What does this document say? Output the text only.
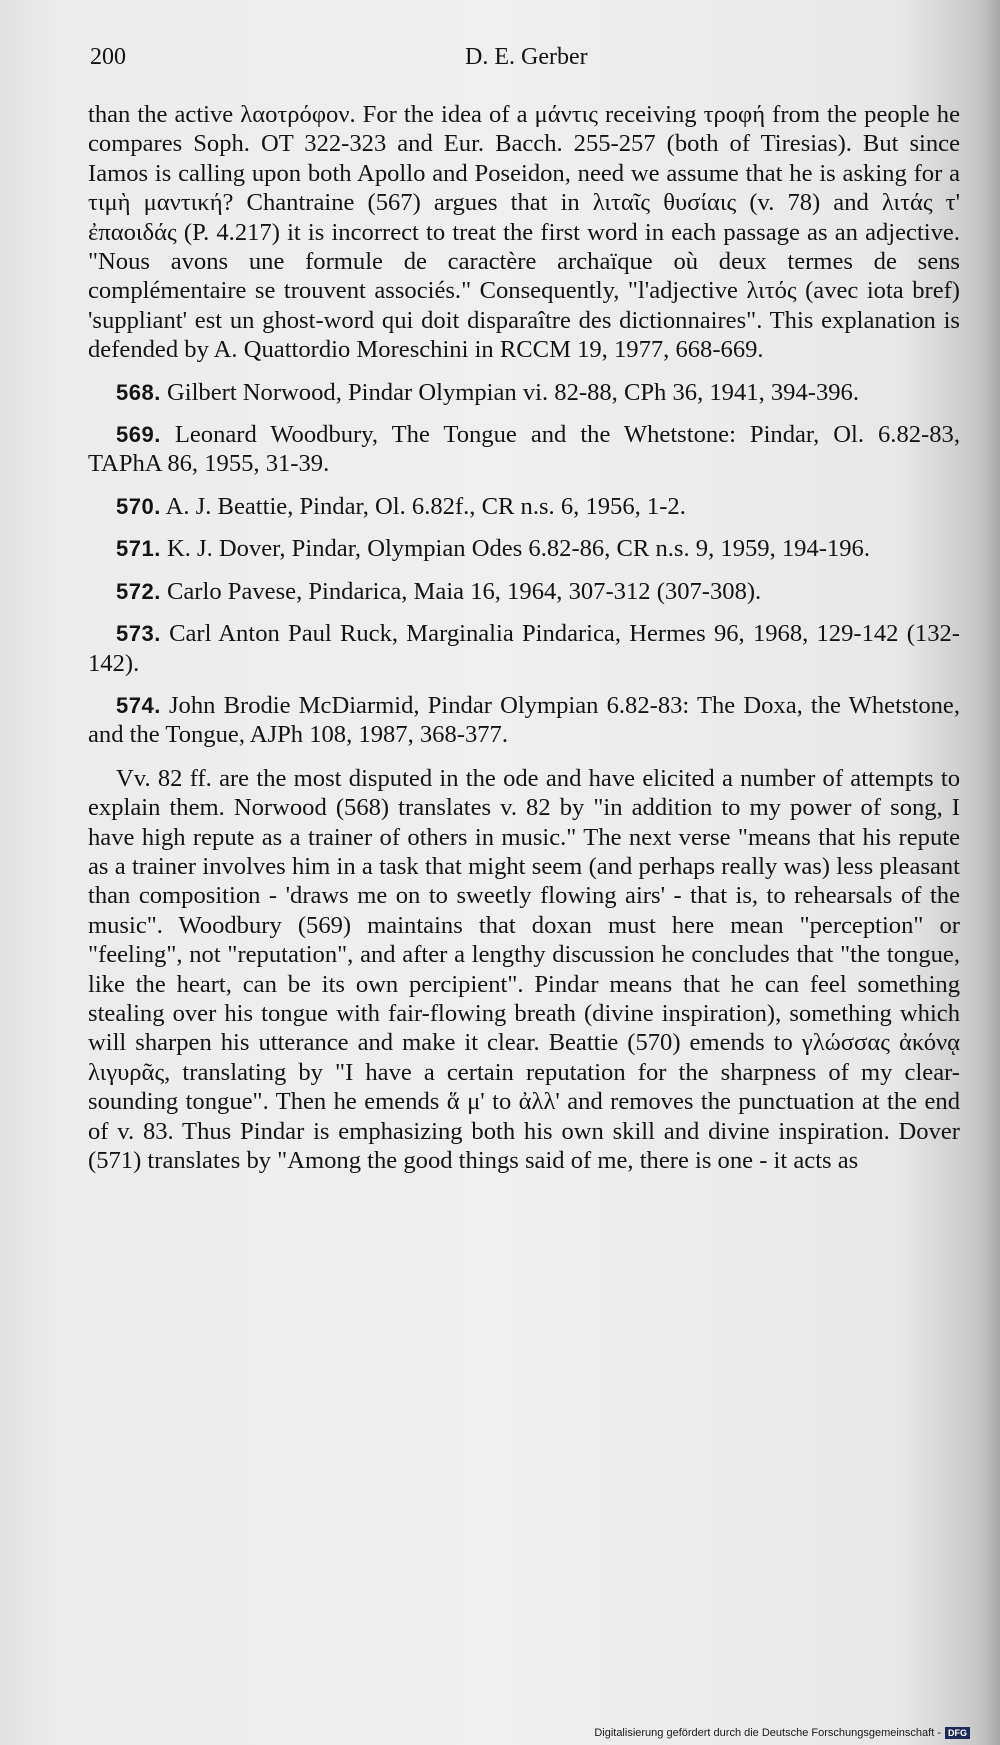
200	D. E. Gerber

than the active λαοτρόφον. For the idea of a μάντις receiving τροφή from the people he compares Soph. OT 322-323 and Eur. Bacch. 255-257 (both of Tiresias). But since Iamos is calling upon both Apollo and Poseidon, need we assume that he is asking for a τιμὴ μαντική? Chantraine (567) argues that in λιταῖς θυσίαις (v. 78) and λιτάς τ' ἐπαοιδάς (P. 4.217) it is incorrect to treat the first word in each passage as an adjective. "Nous avons une formule de caractère archaïque où deux termes de sens complémentaire se trouvent associés." Consequently, "l'adjective λιτός (avec iota bref) 'suppliant' est un ghost-word qui doit disparaître des dictionnaires". This explanation is defended by A. Quattordio Moreschini in RCCM 19, 1977, 668-669.

568. Gilbert Norwood, Pindar Olympian vi. 82-88, CPh 36, 1941, 394-396.

569. Leonard Woodbury, The Tongue and the Whetstone: Pindar, Ol. 6.82-83, TAPhA 86, 1955, 31-39.

570. A. J. Beattie, Pindar, Ol. 6.82f., CR n.s. 6, 1956, 1-2.

571. K. J. Dover, Pindar, Olympian Odes 6.82-86, CR n.s. 9, 1959, 194-196.

572. Carlo Pavese, Pindarica, Maia 16, 1964, 307-312 (307-308).

573. Carl Anton Paul Ruck, Marginalia Pindarica, Hermes 96, 1968, 129-142 (132-142).

574. John Brodie McDiarmid, Pindar Olympian 6.82-83: The Doxa, the Whetstone, and the Tongue, AJPh 108, 1987, 368-377.

Vv. 82 ff. are the most disputed in the ode and have elicited a number of attempts to explain them. Norwood (568) translates v. 82 by "in addition to my power of song, I have high repute as a trainer of others in music." The next verse "means that his repute as a trainer involves him in a task that might seem (and perhaps really was) less pleasant than composition - 'draws me on to sweetly flowing airs' - that is, to rehearsals of the music". Woodbury (569) maintains that doxan must here mean "perception" or "feeling", not "reputation", and after a lengthy discussion he concludes that "the tongue, like the heart, can be its own percipient". Pindar means that he can feel something stealing over his tongue with fair-flowing breath (divine inspiration), something which will sharpen his utterance and make it clear. Beattie (570) emends to γλώσσας ἀκόνᾳ λιγυρᾶς, translating by "I have a certain reputation for the sharpness of my clear-sounding tongue". Then he emends ἅ μ' to ἀλλ' and removes the punctuation at the end of v. 83. Thus Pindar is emphasizing both his own skill and divine inspiration. Dover (571) translates by "Among the good things said of me, there is one - it acts as

Digitalisierung gefördert durch die Deutsche Forschungsgemeinschaft - DFG
